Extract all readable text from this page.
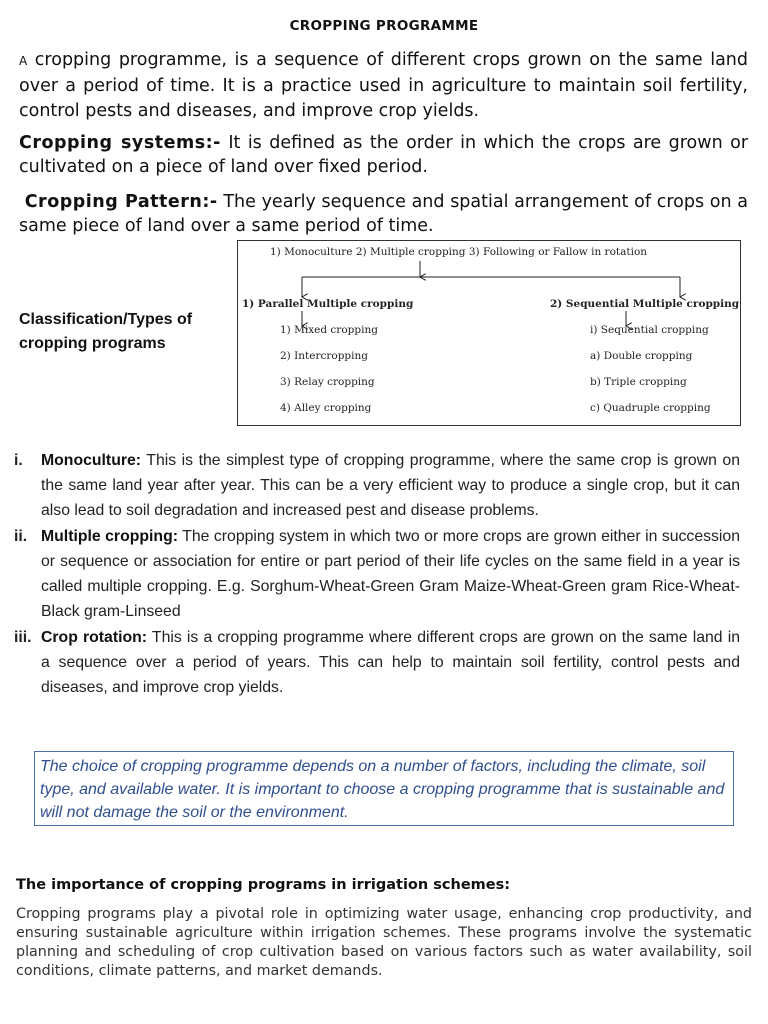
CROPPING PROGRAMME
A cropping programme, is a sequence of different crops grown on the same land over a period of time. It is a practice used in agriculture to maintain soil fertility, control pests and diseases, and improve crop yields.
Cropping systems:- It is defined as the order in which the crops are grown or cultivated on a piece of land over fixed period.
Cropping Pattern:- The yearly sequence and spatial arrangement of crops on a same piece of land over a same period of time.
Classification/Types of cropping programs
1) Monoculture 2) Multiple cropping 3) Following or Fallow in rotation
1) Parallel Multiple cropping	2) Sequential Multiple cropping
1) Mixed cropping
2) Intercropping
3) Relay cropping
4) Alley cropping
i) Sequential cropping
a) Double cropping
b) Triple cropping
c) Quadruple cropping
i.	Monoculture: This is the simplest type of cropping programme, where the same crop is grown on the same land year after year. This can be a very efficient way to produce a single crop, but it can also lead to soil degradation and increased pest and disease problems.
ii. Multiple cropping: The cropping system in which two or more crops are grown either in succession or sequence or association for entire or part period of their life cycles on the same field in a year is called multiple cropping. E.g. Sorghum-Wheat-Green Gram Maize-Wheat-Green gram Rice-Wheat-Black gram-Linseed
iii. Crop rotation: This is a cropping programme where different crops are grown on the same land in a sequence over a period of years. This can help to maintain soil fertility, control pests and diseases, and improve crop yields.
The choice of cropping programme depends on a number of factors, including the climate, soil type, and available water. It is important to choose a cropping programme that is sustainable and will not damage the soil or the environment.
The importance of cropping programs in irrigation schemes:
Cropping programs play a pivotal role in optimizing water usage, enhancing crop productivity, and ensuring sustainable agriculture within irrigation schemes. These programs involve the systematic planning and scheduling of crop cultivation based on various factors such as water availability, soil conditions, climate patterns, and market demands.
